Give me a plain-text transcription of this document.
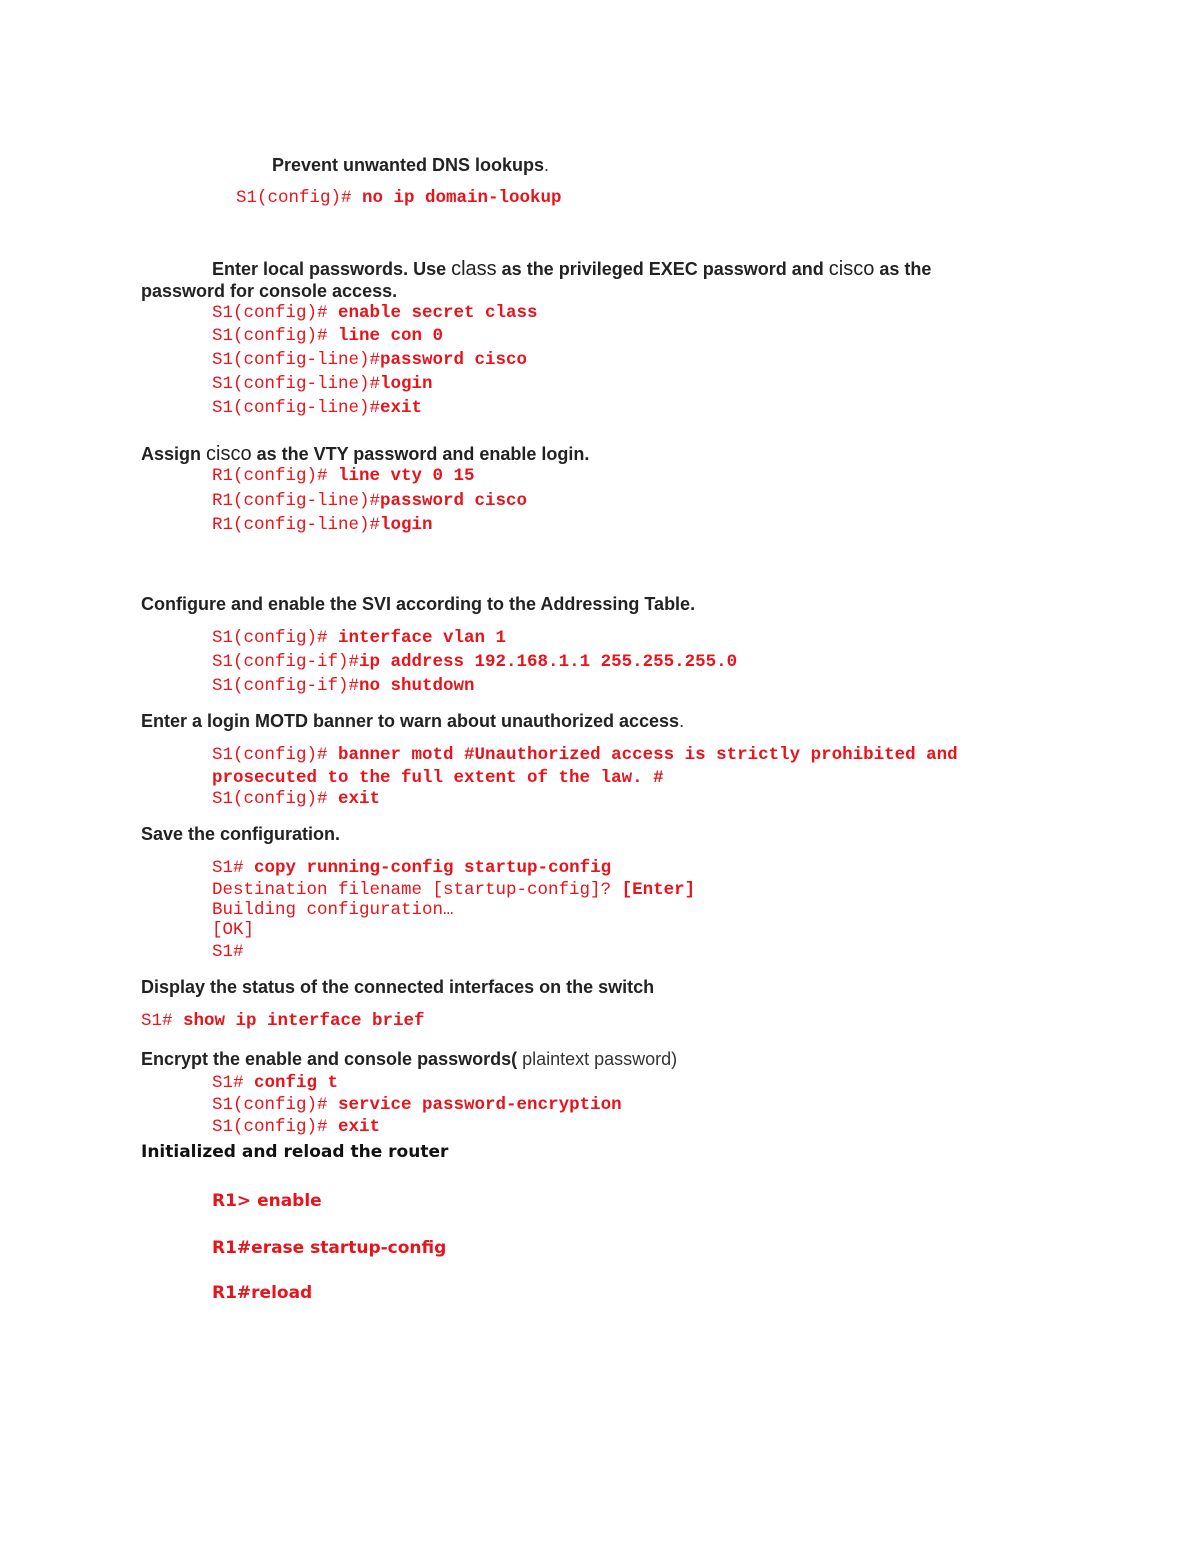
Prevent unwanted DNS lookups.
S1(config)# no ip domain-lookup
Enter local passwords. Use class as the privileged EXEC password and cisco as the
password for console access.
S1(config)# enable secret class
S1(config)# line con 0
S1(config-line)#password cisco
S1(config-line)#login
S1(config-line)#exit
Assign cisco as the VTY password and enable login.
R1(config)# line vty 0 15
R1(config-line)#password cisco
R1(config-line)#login
Configure and enable the SVI according to the Addressing Table.
S1(config)# interface vlan 1
S1(config-if)#ip address 192.168.1.1 255.255.255.0
S1(config-if)#no shutdown
Enter a login MOTD banner to warn about unauthorized access.
S1(config)# banner motd #Unauthorized access is strictly prohibited and
prosecuted to the full extent of the law. #
S1(config)# exit
Save the configuration.
S1# copy running-config startup-config
Destination filename [startup-config]? [Enter]
Building configuration…
[OK]
S1#
Display the status of the connected interfaces on the switch
S1# show ip interface brief
Encrypt the enable and console passwords( plaintext password)
S1# config t
S1(config)# service password-encryption
S1(config)# exit
Initialized and reload the router
R1> enable
R1#erase startup-config
R1#reload
